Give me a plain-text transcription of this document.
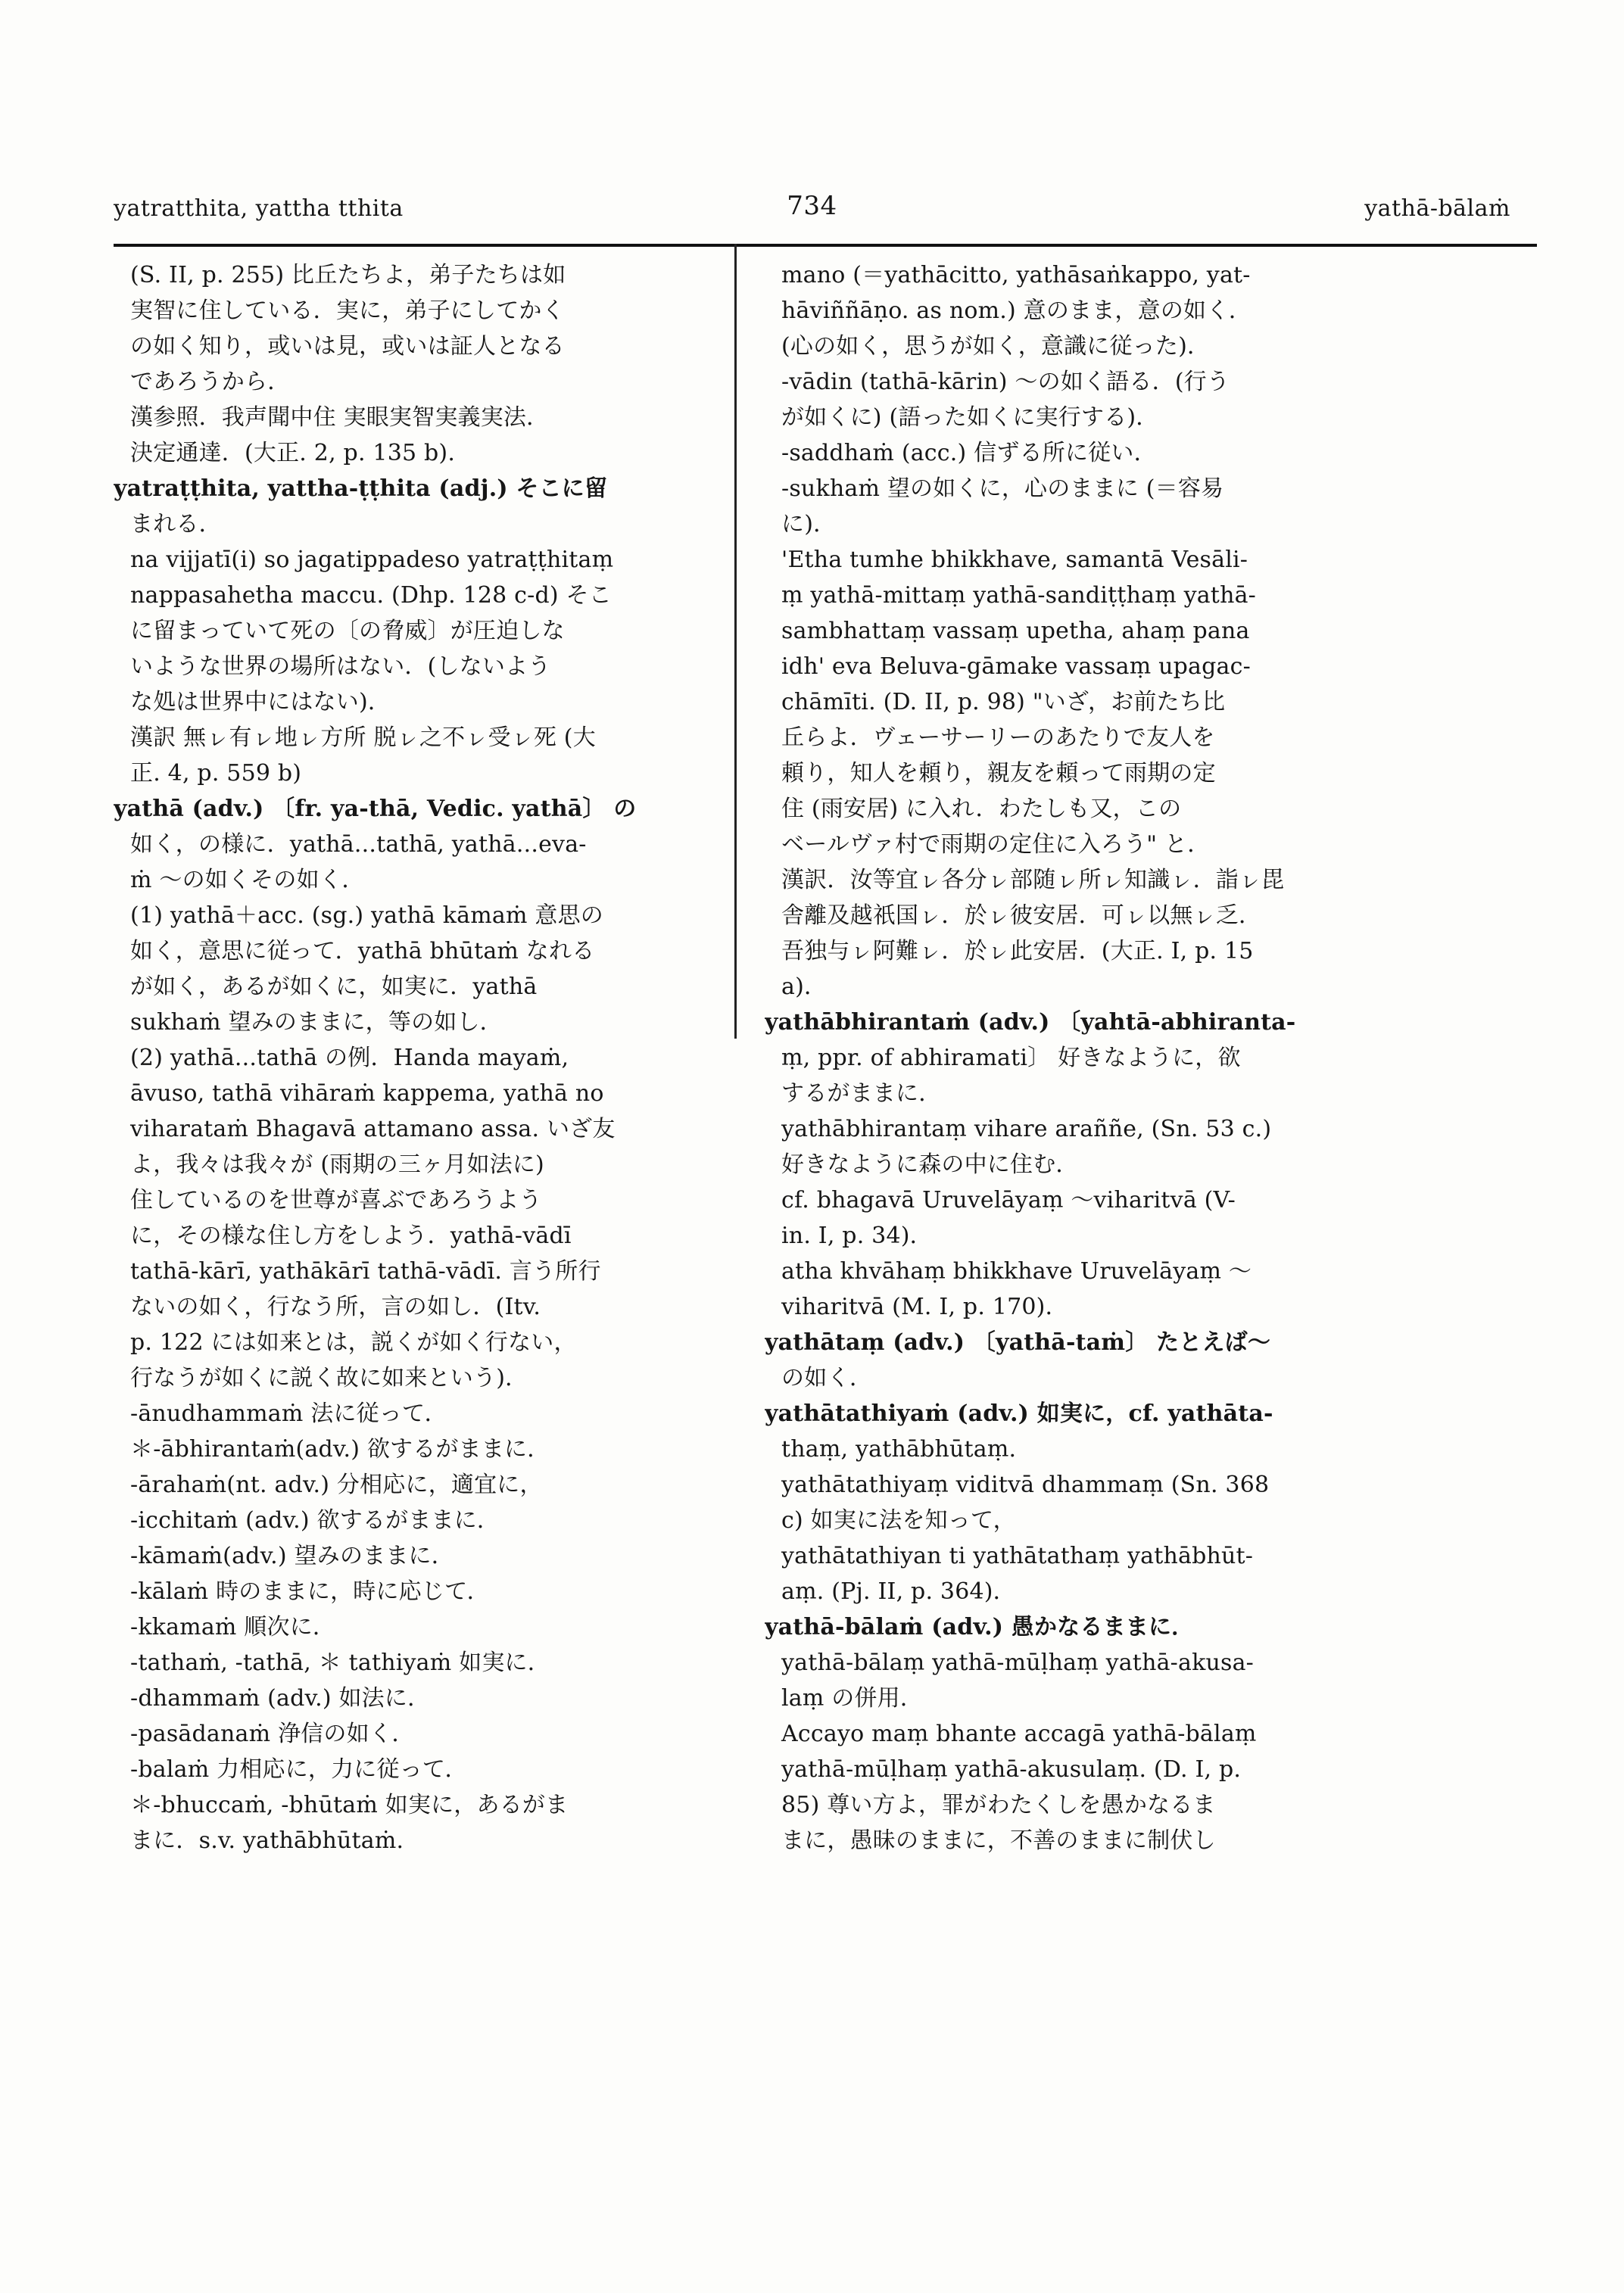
yatratthita, yattha tthita	734	yathā-bālaṁ
(S. II, p. 255) 比丘たちよ，弟子たちは如
実智に住している．実に，弟子にしてかく
の如く知り，或いは見，或いは証人となる
であろうから．
漢参照．我声聞中住 実眼実智実義実法．
決定通達．(大正. 2, p. 135 b).
yatraṭṭhita, yattha-ṭṭhita (adj.) そこに留
まれる．
na vijjatī(i) so jagatippadeso yatraṭṭhitaṃ
nappasahetha maccu. (Dhp. 128 c-d) そこ
に留まっていて死の〔の脅威〕が圧迫しな
いような世界の場所はない．(しないよう
な処は世界中にはない)．
漢訳 無ㇾ有ㇾ地ㇾ方所 脱ㇾ之不ㇾ受ㇾ死 (大
正. 4, p. 559 b)
yathā (adv.) 〔fr. ya-thā, Vedic. yathā〕 の
如く，の様に．yathā...tathā, yathā...eva-
ṁ ～の如くその如く．
(1) yathā＋acc. (sg.) yathā kāmaṁ 意思の
如く，意思に従って．yathā bhūtaṁ なれる
が如く，あるが如くに，如実に．yathā
sukhaṁ 望みのままに，等の如し．
(2) yathā...tathā の例．Handa mayaṁ,
āvuso, tathā vihāraṁ kappema, yathā no
viharataṁ Bhagavā attamano assa. いざ友
よ，我々は我々が (雨期の三ヶ月如法に)
住しているのを世尊が喜ぶであろうよう
に，その様な住し方をしよう．yathā-vādī
tathā-kārī, yathākārī tathā-vādī. 言う所行
ないの如く，行なう所，言の如し．(Itv.
p. 122 には如来とは，説くが如く行ない，
行なうが如くに説く故に如来という)．
-ānudhammaṁ 法に従って．
＊-ābhirantaṁ(adv.) 欲するがままに．
-ārahaṁ(nt. adv.) 分相応に，適宜に，
-icchitaṁ (adv.) 欲するがままに．
-kāmaṁ(adv.) 望みのままに．
-kālaṁ 時のままに，時に応じて．
-kkamaṁ 順次に．
-tathaṁ, -tathā, ＊ tathiyaṁ 如実に．
-dhammaṁ (adv.) 如法に．
-pasādanaṁ 浄信の如く．
-balaṁ 力相応に，力に従って．
＊-bhuccaṁ, -bhūtaṁ 如実に，あるがま
まに．s.v. yathābhūtaṁ.
mano (＝yathācitto, yathāsaṅkappo, yat-
hāviññāṇo. as nom.) 意のまま，意の如く．
(心の如く，思うが如く，意識に従った)．
-vādin (tathā-kārin) ～の如く語る．(行う
が如くに) (語った如くに実行する)．
-saddhaṁ (acc.) 信ずる所に従い．
-sukhaṁ 望の如くに，心のままに (＝容易
に)．
'Etha tumhe bhikkhave, samantā Vesāli-
ṃ yathā-mittaṃ yathā-sandiṭṭhaṃ yathā-
sambhattaṃ vassaṃ upetha, ahaṃ pana
idh' eva Beluva-gāmake vassaṃ upagac-
chāmīti. (D. II, p. 98) "いざ，お前たち比
丘らよ．ヴェーサーリーのあたりで友人を
頼り，知人を頼り，親友を頼って雨期の定
住 (雨安居) に入れ．わたしも又，この
ベールヴァ村で雨期の定住に入ろう" と．
漢訳．汝等宜ㇾ各分ㇾ部随ㇾ所ㇾ知識ㇾ．詣ㇾ毘
舎離及越祇国ㇾ．於ㇾ彼安居．可ㇾ以無ㇾ乏．
吾独与ㇾ阿難ㇾ．於ㇾ此安居．(大正. I, p. 15
a)．
yathābhirantaṁ (adv.) 〔yahtā-abhiranta-
ṃ, ppr. of abhiramati〕 好きなように，欲
するがままに．
yathābhirantaṃ vihare araññe, (Sn. 53 c.)
好きなように森の中に住む．
cf. bhagavā Uruvelāyaṃ ～viharitvā (V-
in. I, p. 34)．
atha khvāhaṃ bhikkhave Uruvelāyaṃ ～
viharitvā (M. I, p. 170)．
yathātaṃ (adv.) 〔yathā-taṁ〕 たとえば～
の如く．
yathātathiyaṁ (adv.) 如実に，cf. yathāta-
thaṃ, yathābhūtaṃ.
yathātathiyaṃ viditvā dhammaṃ (Sn. 368
c) 如実に法を知って，
yathātathiyan ti yathātathaṃ yathābhūt-
aṃ. (Pj. II, p. 364)．
yathā-bālaṁ (adv.) 愚かなるままに．
yathā-bālaṃ yathā-mūḷhaṃ yathā-akusa-
laṃ の併用．
Accayo maṃ bhante accagā yathā-bālaṃ
yathā-mūḷhaṃ yathā-akusulaṃ. (D. I, p.
85) 尊い方よ，罪がわたくしを愚かなるま
まに，愚昧のままに，不善のままに制伏し
